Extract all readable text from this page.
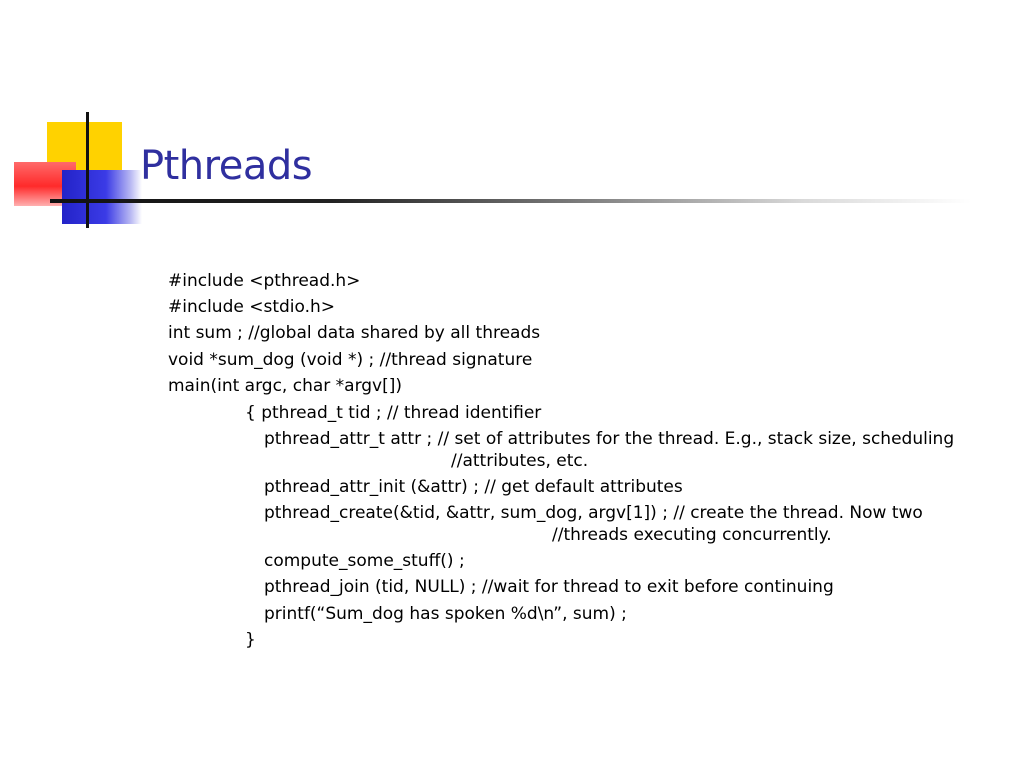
Pthreads
#include <pthread.h>
#include <stdio.h>
int sum ; //global data shared by all threads
void *sum_dog (void *) ; //thread signature
main(int argc, char *argv[])
{ pthread_t tid ; // thread identifier
pthread_attr_t attr ; // set of attributes for the thread. E.g., stack size, scheduling
//attributes, etc.
pthread_attr_init (&attr) ; // get default attributes
pthread_create(&tid, &attr, sum_dog, argv[1]) ; // create the thread. Now two
//threads executing concurrently.
compute_some_stuff() ;
pthread_join (tid, NULL) ; //wait for thread to exit before continuing
printf(“Sum_dog has spoken %d\n”, sum) ;
}
